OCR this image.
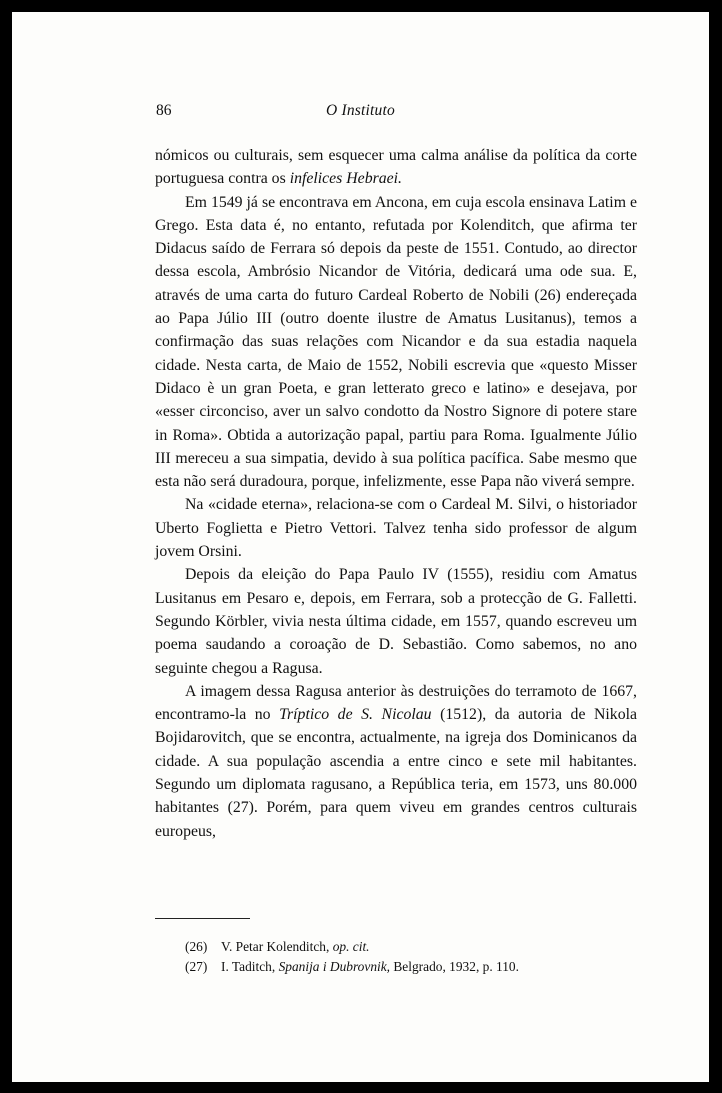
86	O Instituto

nómicos ou culturais, sem esquecer uma calma análise da política da corte portuguesa contra os infelices Hebraei.

Em 1549 já se encontrava em Ancona, em cuja escola ensinava Latim e Grego. Esta data é, no entanto, refutada por Kolenditch, que afirma ter Didacus saído de Ferrara só depois da peste de 1551. Contudo, ao director dessa escola, Ambrósio Nicandor de Vitória, dedicará uma ode sua. E, através de uma carta do futuro Cardeal Roberto de Nobili (26) endereçada ao Papa Júlio III (outro doente ilustre de Amatus Lusitanus), temos a confirmação das suas relações com Nicandor e da sua estadia naquela cidade. Nesta carta, de Maio de 1552, Nobili escrevia que «questo Misser Didaco è un gran Poeta, e gran letterato greco e latino» e desejava, por «esser circonciso, aver un salvo condotto da Nostro Signore di potere stare in Roma». Obtida a autorização papal, partiu para Roma. Igualmente Júlio III mereceu a sua simpatia, devido à sua política pacífica. Sabe mesmo que esta não será duradoura, porque, infelizmente, esse Papa não viverá sempre.

Na «cidade eterna», relaciona-se com o Cardeal M. Silvi, o historiador Uberto Foglietta e Pietro Vettori. Talvez tenha sido professor de algum jovem Orsini.

Depois da eleição do Papa Paulo IV (1555), residiu com Amatus Lusitanus em Pesaro e, depois, em Ferrara, sob a protecção de G. Falletti. Segundo Körbler, vivia nesta última cidade, em 1557, quando escreveu um poema saudando a coroação de D. Sebastião. Como sabemos, no ano seguinte chegou a Ragusa.

A imagem dessa Ragusa anterior às destruições do terramoto de 1667, encontramo-la no Tríptico de S. Nicolau (1512), da autoria de Nikola Bojidarovitch, que se encontra, actualmente, na igreja dos Dominicanos da cidade. A sua população ascendia a entre cinco e sete mil habitantes. Segundo um diplomata ragusano, a República teria, em 1573, uns 80.000 habitantes (27). Porém, para quem viveu em grandes centros culturais europeus,

(26) V. Petar Kolenditch, op. cit.

(27) I. Taditch, Spanija i Dubrovnik, Belgrado, 1932, p. 110.
